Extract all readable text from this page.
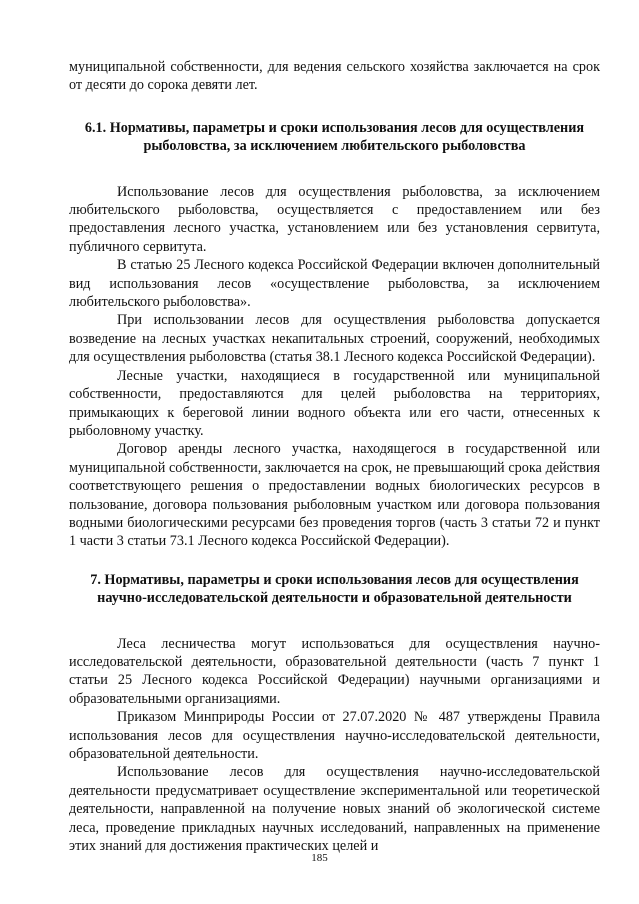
муниципальной собственности, для ведения сельского хозяйства заключается на срок от десяти до сорока девяти лет.

6.1. Нормативы, параметры и сроки использования лесов для осуществления рыболовства, за исключением любительского рыболовства

Использование лесов для осуществления рыболовства, за исключением любительского рыболовства, осуществляется с предоставлением или без предоставления лесного участка, установлением или без установления сервитута, публичного сервитута.

В статью 25 Лесного кодекса Российской Федерации включен дополнительный вид использования лесов «осуществление рыболовства, за исключением любительского рыболовства».

При использовании лесов для осуществления рыболовства допускается возведение на лесных участках некапитальных строений, сооружений, необходимых для осуществления рыболовства (статья 38.1 Лесного кодекса Российской Федерации).

Лесные участки, находящиеся в государственной или муниципальной собственности, предоставляются для целей рыболовства на территориях, примыкающих к береговой линии водного объекта или его части, отнесенных к рыболовному участку.

Договор аренды лесного участка, находящегося в государственной или муниципальной собственности, заключается на срок, не превышающий срока действия соответствующего решения о предоставлении водных биологических ресурсов в пользование, договора пользования рыболовным участком или договора пользования водными биологическими ресурсами без проведения торгов (часть 3 статьи 72 и пункт 1 части 3 статьи 73.1 Лесного кодекса Российской Федерации).

7. Нормативы, параметры и сроки использования лесов для осуществления научно-исследовательской деятельности и образовательной деятельности

Леса лесничества могут использоваться для осуществления научно-исследовательской деятельности, образовательной деятельности (часть 7 пункт 1 статьи 25 Лесного кодекса Российской Федерации) научными организациями и образовательными организациями.

Приказом Минприроды России от 27.07.2020 № 487 утверждены Правила использования лесов для осуществления научно-исследовательской деятельности, образовательной деятельности.

Использование лесов для осуществления научно-исследовательской деятельности предусматривает осуществление экспериментальной или теоретической деятельности, направленной на получение новых знаний об экологической системе леса, проведение прикладных научных исследований, направленных на применение этих знаний для достижения практических целей и

185
